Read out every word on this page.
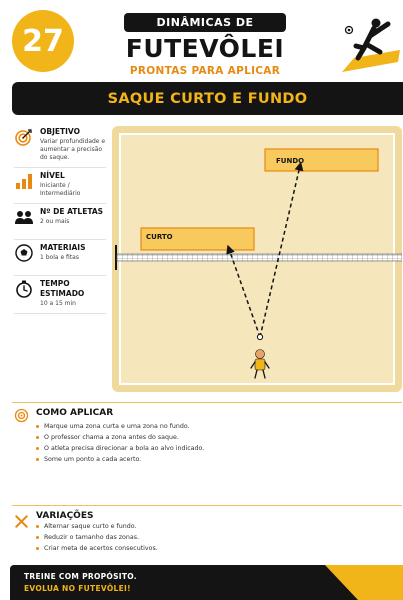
27
DINÂMICAS DE
FUTEVÔLEI
PRONTAS PARA APLICAR
SAQUE CURTO E FUNDO
OBJETIVO
Variar profundidade e aumentar a precisão do saque.
NÍVEL
Iniciante / Intermediário
Nº DE ATLETAS
2 ou mais
MATERIAIS
1 bola e fitas
TEMPO ESTIMADO
10 a 15 min
FUNDO
CURTO
COMO APLICAR
Marque uma zona curta e uma zona no fundo.
O professor chama a zona antes do saque.
O atleta precisa direcionar a bola ao alvo indicado.
Some um ponto a cada acerto.
VARIAÇÕES
Alternar saque curto e fundo.
Reduzir o tamanho das zonas.
Criar meta de acertos consecutivos.
TREINE COM PROPÓSITO.
EVOLUA NO FUTEVÔLEI!
